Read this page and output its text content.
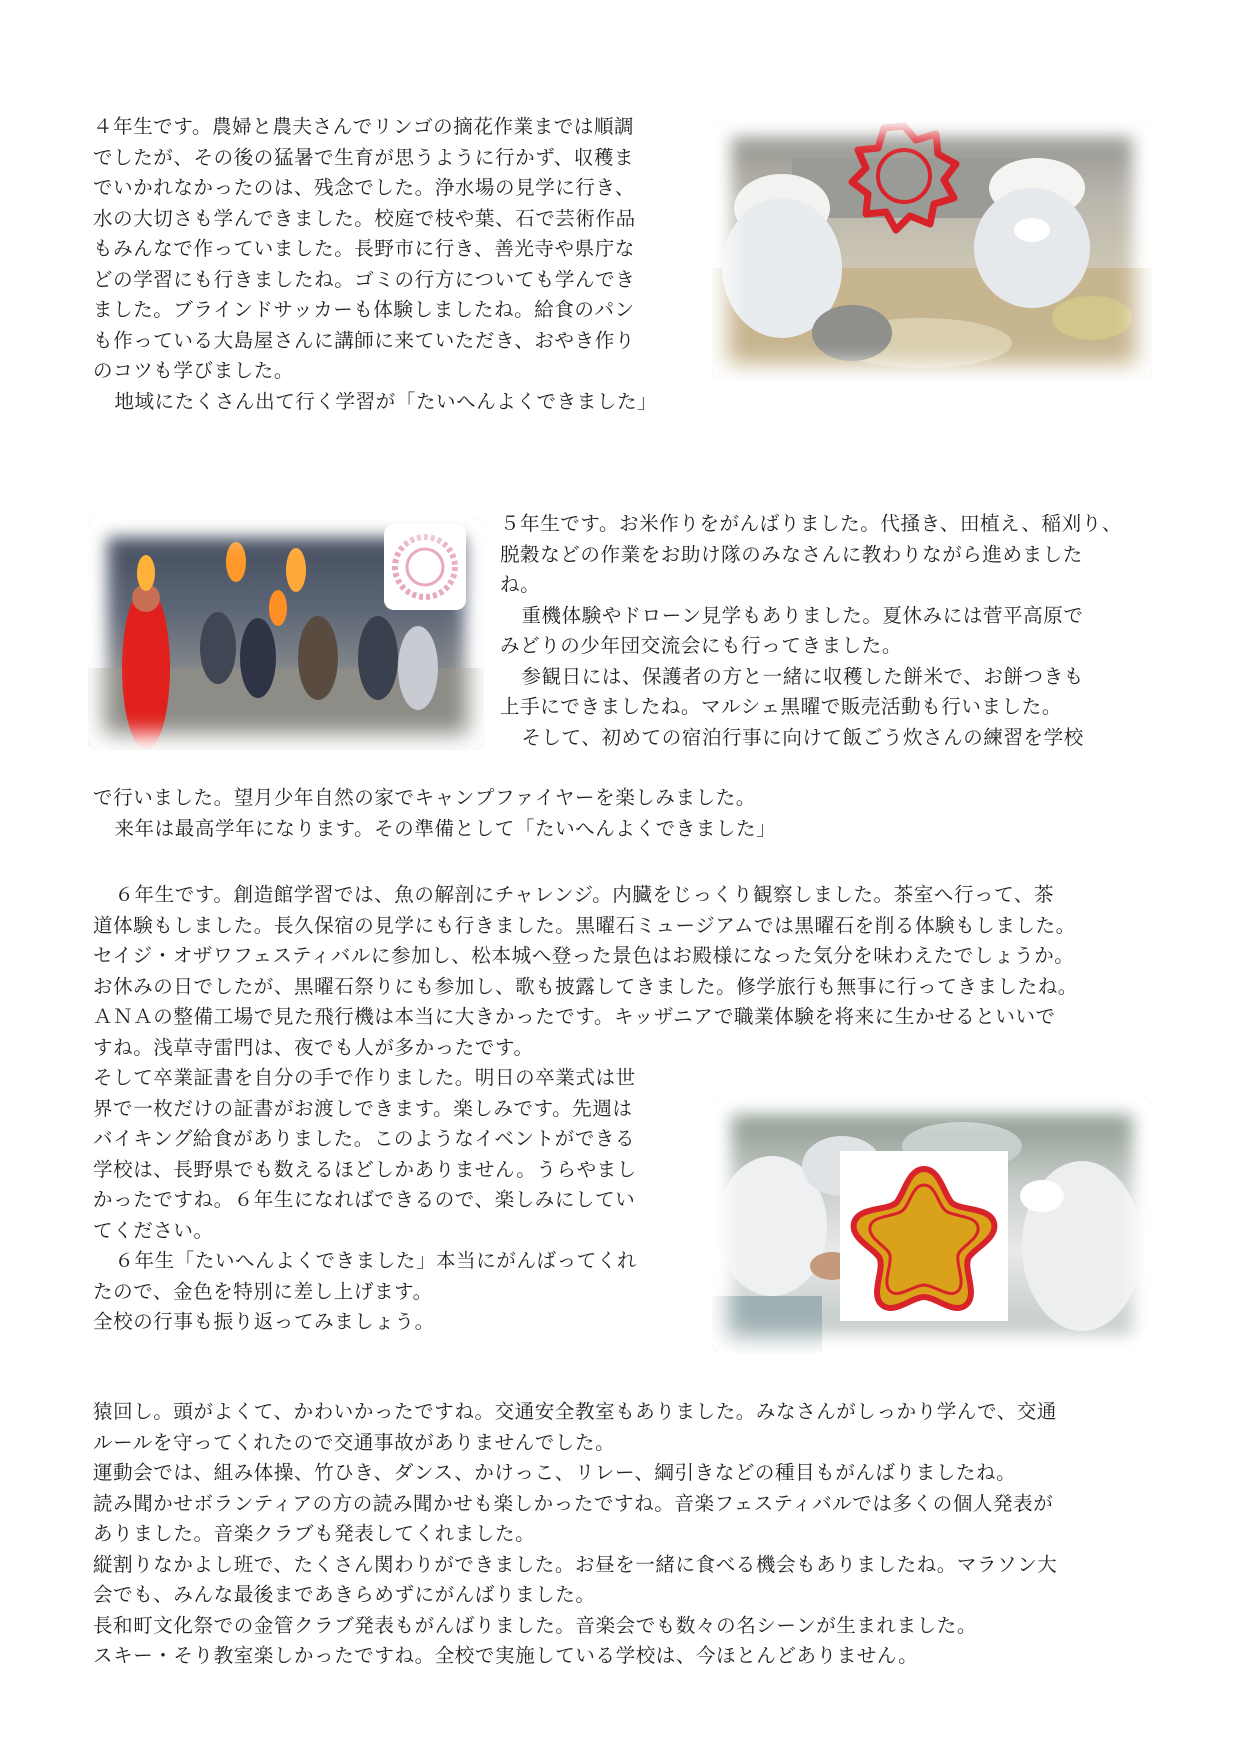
４年生です。農婦と農夫さんでリンゴの摘花作業までは順調

でしたが、その後の猛暑で生育が思うように行かず、収穫ま

でいかれなかったのは、残念でした。浄水場の見学に行き、

水の大切さも学んできました。校庭で枝や葉、石で芸術作品

もみんなで作っていました。長野市に行き、善光寺や県庁な

どの学習にも行きましたね。ゴミの行方についても学んでき

ました。ブラインドサッカーも体験しましたね。給食のパン

も作っている大島屋さんに講師に来ていただき、おやき作り

のコツも学びました。

地域にたくさん出て行く学習が「たいへんよくできました」

５年生です。お米作りをがんばりました。代掻き、田植え、稲刈り、

脱穀などの作業をお助け隊のみなさんに教わりながら進めました

ね。

重機体験やドローン見学もありました。夏休みには菅平高原で

みどりの少年団交流会にも行ってきました。

参観日には、保護者の方と一緒に収穫した餅米で、お餅つきも

上手にできましたね。マルシェ黒曜で販売活動も行いました。

そして、初めての宿泊行事に向けて飯ごう炊さんの練習を学校

で行いました。望月少年自然の家でキャンプファイヤーを楽しみました。

来年は最高学年になります。その準備として「たいへんよくできました」

６年生です。創造館学習では、魚の解剖にチャレンジ。内臓をじっくり観察しました。茶室へ行って、茶

道体験もしました。長久保宿の見学にも行きました。黒曜石ミュージアムでは黒曜石を削る体験もしました。

セイジ・オザワフェスティバルに参加し、松本城へ登った景色はお殿様になった気分を味わえたでしょうか。

お休みの日でしたが、黒曜石祭りにも参加し、歌も披露してきました。修学旅行も無事に行ってきましたね。

ＡＮＡの整備工場で見た飛行機は本当に大きかったです。キッザニアで職業体験を将来に生かせるといいで

すね。浅草寺雷門は、夜でも人が多かったです。

そして卒業証書を自分の手で作りました。明日の卒業式は世

界で一枚だけの証書がお渡しできます。楽しみです。先週は

バイキング給食がありました。このようなイベントができる

学校は、長野県でも数えるほどしかありません。うらやまし

かったですね。６年生になればできるので、楽しみにしてい

てください。

６年生「たいへんよくできました」本当にがんばってくれ

たので、金色を特別に差し上げます。

全校の行事も振り返ってみましょう。

猿回し。頭がよくて、かわいかったですね。交通安全教室もありました。みなさんがしっかり学んで、交通

ルールを守ってくれたので交通事故がありませんでした。

運動会では、組み体操、竹ひき、ダンス、かけっこ、リレー、綱引きなどの種目もがんばりましたね。

読み聞かせボランティアの方の読み聞かせも楽しかったですね。音楽フェスティバルでは多くの個人発表が

ありました。音楽クラブも発表してくれました。

縦割りなかよし班で、たくさん関わりができました。お昼を一緒に食べる機会もありましたね。マラソン大

会でも、みんな最後まであきらめずにがんばりました。

長和町文化祭での金管クラブ発表もがんばりました。音楽会でも数々の名シーンが生まれました。

スキー・そり教室楽しかったですね。全校で実施している学校は、今ほとんどありません。
